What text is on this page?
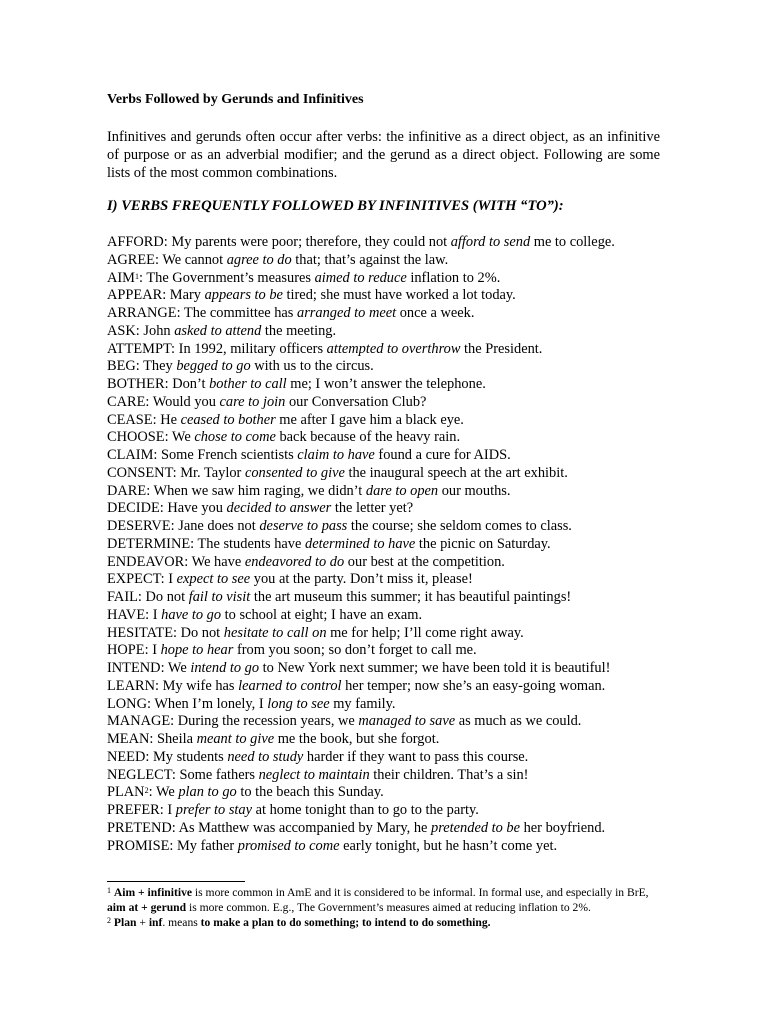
Verbs Followed by Gerunds and Infinitives
Infinitives and gerunds often occur after verbs: the infinitive as a direct object, as an infinitive of purpose or as an adverbial modifier; and the gerund as a direct object. Following are some lists of the most common combinations.
I) VERBS FREQUENTLY FOLLOWED BY INFINITIVES (WITH “TO”):
AFFORD: My parents were poor; therefore, they could not afford to send me to college.
AGREE: We cannot agree to do that; that’s against the law.
AIM$^1$: The Government’s measures aimed to reduce inflation to 2%.
APPEAR: Mary appears to be tired; she must have worked a lot today.
ARRANGE: The committee has arranged to meet once a week.
ASK: John asked to attend the meeting.
ATTEMPT: In 1992, military officers attempted to overthrow the President.
BEG: They begged to go with us to the circus.
BOTHER: Don’t bother to call me; I won’t answer the telephone.
CARE: Would you care to join our Conversation Club?
CEASE: He ceased to bother me after I gave him a black eye.
CHOOSE: We chose to come back because of the heavy rain.
CLAIM: Some French scientists claim to have found a cure for AIDS.
CONSENT: Mr. Taylor consented to give the inaugural speech at the art exhibit.
DARE: When we saw him raging, we didn’t dare to open our mouths.
DECIDE: Have you decided to answer the letter yet?
DESERVE: Jane does not deserve to pass the course; she seldom comes to class.
DETERMINE: The students have determined to have the picnic on Saturday.
ENDEAVOR: We have endeavored to do our best at the competition.
EXPECT: I expect to see you at the party. Don’t miss it, please!
FAIL: Do not fail to visit the art museum this summer; it has beautiful paintings!
HAVE: I have to go to school at eight; I have an exam.
HESITATE: Do not hesitate to call on me for help; I’ll come right away.
HOPE: I hope to hear from you soon; so don’t forget to call me.
INTEND: We intend to go to New York next summer; we have been told it is beautiful!
LEARN: My wife has learned to control her temper; now she’s an easy-going woman.
LONG: When I’m lonely, I long to see my family.
MANAGE: During the recession years, we managed to save as much as we could.
MEAN: Sheila meant to give me the book, but she forgot.
NEED: My students need to study harder if they want to pass this course.
NEGLECT: Some fathers neglect to maintain their children. That’s a sin!
PLAN$^2$: We plan to go to the beach this Sunday.
PREFER: I prefer to stay at home tonight than to go to the party.
PRETEND: As Matthew was accompanied by Mary, he pretended to be her boyfriend.
PROMISE: My father promised to come early tonight, but he hasn’t come yet.

$^1$ Aim + infinitive is more common in AmE and it is considered to be informal. In formal use, and especially in BrE, aim at + gerund is more common. E.g., The Government’s measures aimed at reducing inflation to 2%.

$^2$ Plan + inf. means to make a plan to do something; to intend to do something.
